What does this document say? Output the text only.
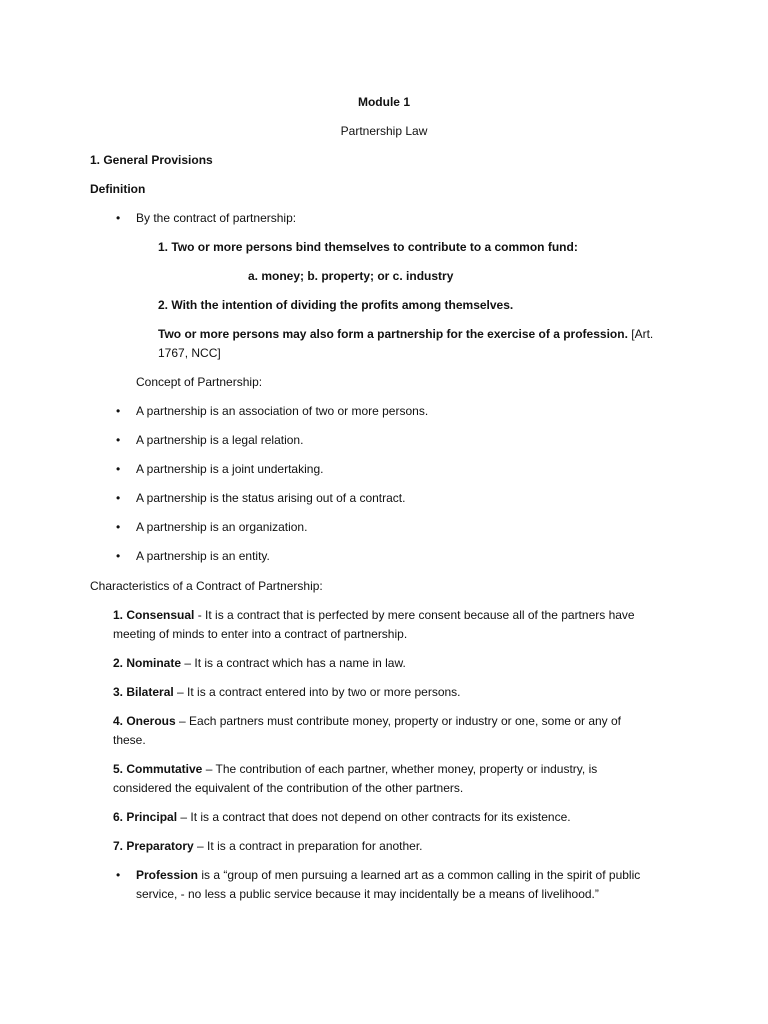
Module 1
Partnership Law
1. General Provisions
Definition
• By the contract of partnership:
1. Two or more persons bind themselves to contribute to a common fund:
a. money; b. property; or c. industry
2. With the intention of dividing the profits among themselves.
Two or more persons may also form a partnership for the exercise of a profession. [Art.
1767, NCC]
Concept of Partnership:
• A partnership is an association of two or more persons.
• A partnership is a legal relation.
• A partnership is a joint undertaking.
• A partnership is the status arising out of a contract.
• A partnership is an organization.
• A partnership is an entity.
Characteristics of a Contract of Partnership:
1. Consensual - It is a contract that is perfected by mere consent because all of the partners have
meeting of minds to enter into a contract of partnership.
2. Nominate – It is a contract which has a name in law.
3. Bilateral – It is a contract entered into by two or more persons.
4. Onerous – Each partners must contribute money, property or industry or one, some or any of
these.
5. Commutative – The contribution of each partner, whether money, property or industry, is
considered the equivalent of the contribution of the other partners.
6. Principal – It is a contract that does not depend on other contracts for its existence.
7. Preparatory – It is a contract in preparation for another.
• Profession is a “group of men pursuing a learned art as a common calling in the spirit of public
service, - no less a public service because it may incidentally be a means of livelihood.”
